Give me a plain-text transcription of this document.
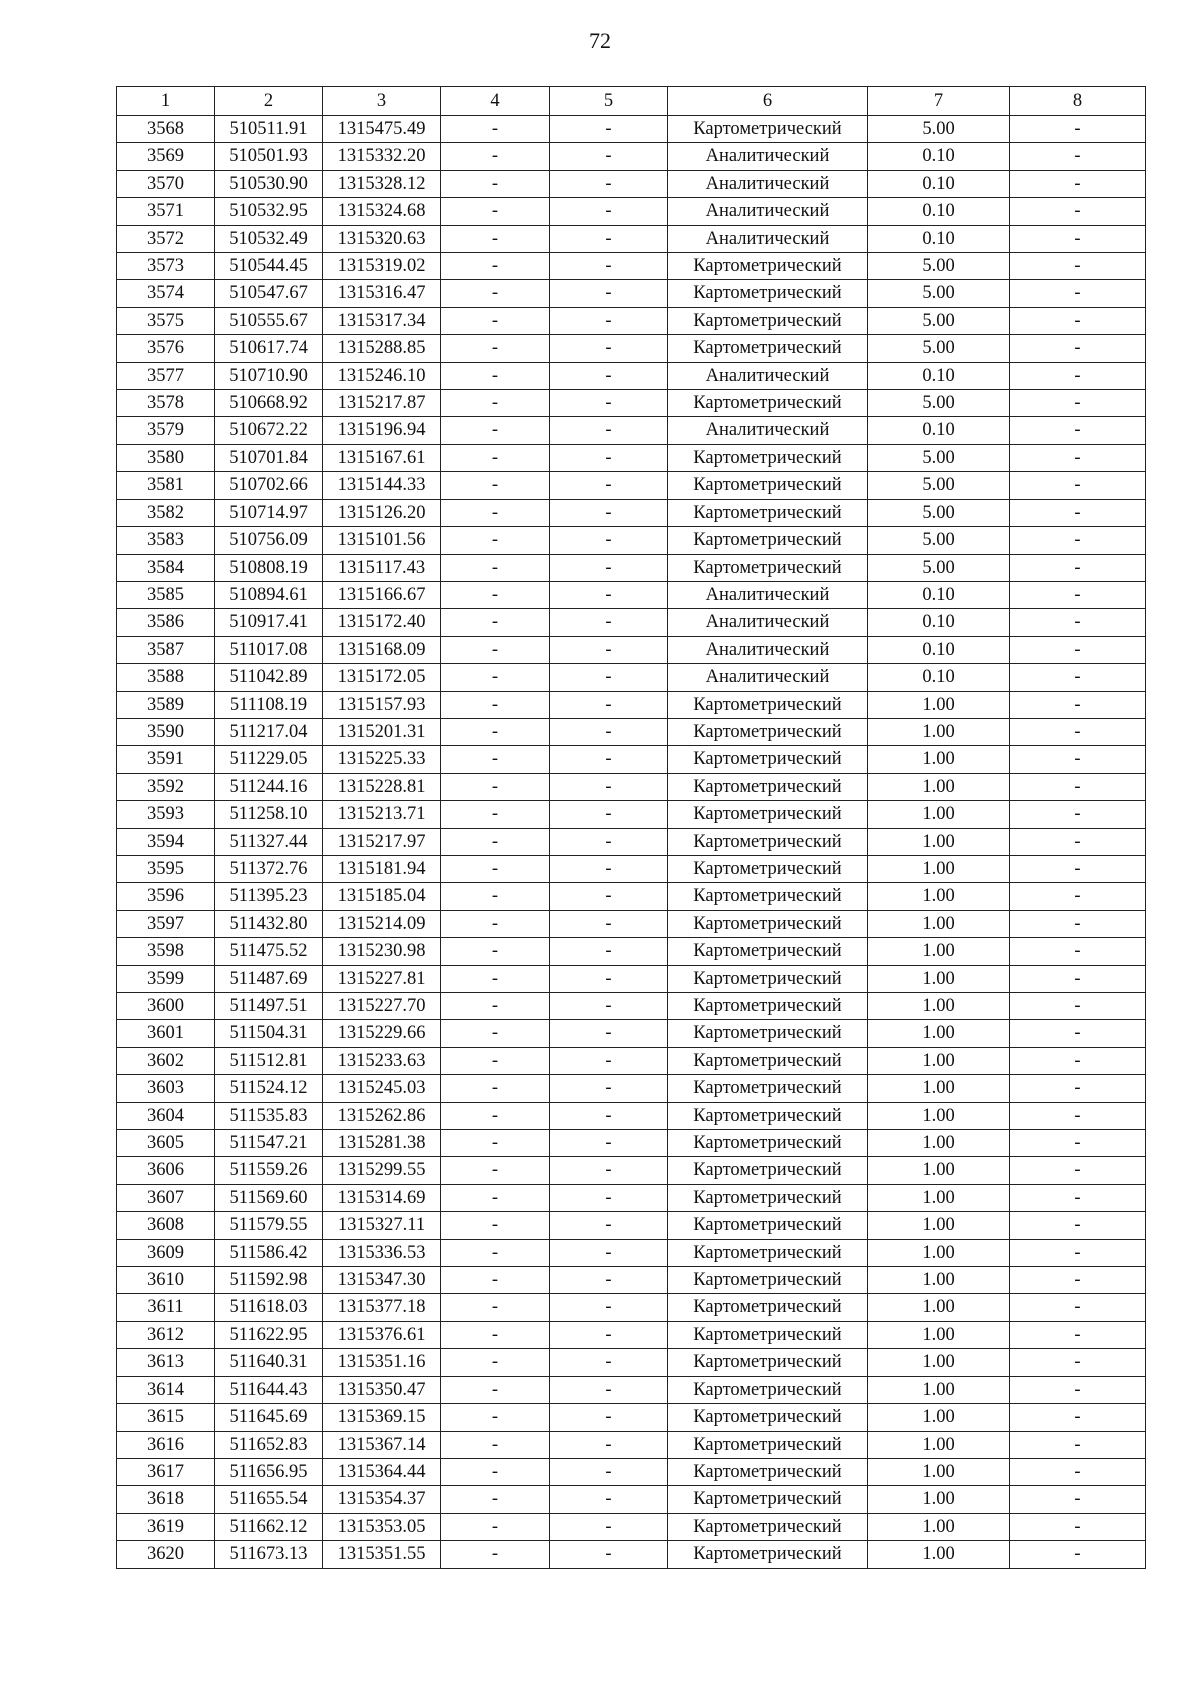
72
1	2	3	4	5	6	7	8
3568	510511.91	1315475.49	-	-	Картометрический	5.00	-
3569	510501.93	1315332.20	-	-	Аналитический	0.10	-
3570	510530.90	1315328.12	-	-	Аналитический	0.10	-
3571	510532.95	1315324.68	-	-	Аналитический	0.10	-
3572	510532.49	1315320.63	-	-	Аналитический	0.10	-
3573	510544.45	1315319.02	-	-	Картометрический	5.00	-
3574	510547.67	1315316.47	-	-	Картометрический	5.00	-
3575	510555.67	1315317.34	-	-	Картометрический	5.00	-
3576	510617.74	1315288.85	-	-	Картометрический	5.00	-
3577	510710.90	1315246.10	-	-	Аналитический	0.10	-
3578	510668.92	1315217.87	-	-	Картометрический	5.00	-
3579	510672.22	1315196.94	-	-	Аналитический	0.10	-
3580	510701.84	1315167.61	-	-	Картометрический	5.00	-
3581	510702.66	1315144.33	-	-	Картометрический	5.00	-
3582	510714.97	1315126.20	-	-	Картометрический	5.00	-
3583	510756.09	1315101.56	-	-	Картометрический	5.00	-
3584	510808.19	1315117.43	-	-	Картометрический	5.00	-
3585	510894.61	1315166.67	-	-	Аналитический	0.10	-
3586	510917.41	1315172.40	-	-	Аналитический	0.10	-
3587	511017.08	1315168.09	-	-	Аналитический	0.10	-
3588	511042.89	1315172.05	-	-	Аналитический	0.10	-
3589	511108.19	1315157.93	-	-	Картометрический	1.00	-
3590	511217.04	1315201.31	-	-	Картометрический	1.00	-
3591	511229.05	1315225.33	-	-	Картометрический	1.00	-
3592	511244.16	1315228.81	-	-	Картометрический	1.00	-
3593	511258.10	1315213.71	-	-	Картометрический	1.00	-
3594	511327.44	1315217.97	-	-	Картометрический	1.00	-
3595	511372.76	1315181.94	-	-	Картометрический	1.00	-
3596	511395.23	1315185.04	-	-	Картометрический	1.00	-
3597	511432.80	1315214.09	-	-	Картометрический	1.00	-
3598	511475.52	1315230.98	-	-	Картометрический	1.00	-
3599	511487.69	1315227.81	-	-	Картометрический	1.00	-
3600	511497.51	1315227.70	-	-	Картометрический	1.00	-
3601	511504.31	1315229.66	-	-	Картометрический	1.00	-
3602	511512.81	1315233.63	-	-	Картометрический	1.00	-
3603	511524.12	1315245.03	-	-	Картометрический	1.00	-
3604	511535.83	1315262.86	-	-	Картометрический	1.00	-
3605	511547.21	1315281.38	-	-	Картометрический	1.00	-
3606	511559.26	1315299.55	-	-	Картометрический	1.00	-
3607	511569.60	1315314.69	-	-	Картометрический	1.00	-
3608	511579.55	1315327.11	-	-	Картометрический	1.00	-
3609	511586.42	1315336.53	-	-	Картометрический	1.00	-
3610	511592.98	1315347.30	-	-	Картометрический	1.00	-
3611	511618.03	1315377.18	-	-	Картометрический	1.00	-
3612	511622.95	1315376.61	-	-	Картометрический	1.00	-
3613	511640.31	1315351.16	-	-	Картометрический	1.00	-
3614	511644.43	1315350.47	-	-	Картометрический	1.00	-
3615	511645.69	1315369.15	-	-	Картометрический	1.00	-
3616	511652.83	1315367.14	-	-	Картометрический	1.00	-
3617	511656.95	1315364.44	-	-	Картометрический	1.00	-
3618	511655.54	1315354.37	-	-	Картометрический	1.00	-
3619	511662.12	1315353.05	-	-	Картометрический	1.00	-
3620	511673.13	1315351.55	-	-	Картометрический	1.00	-
